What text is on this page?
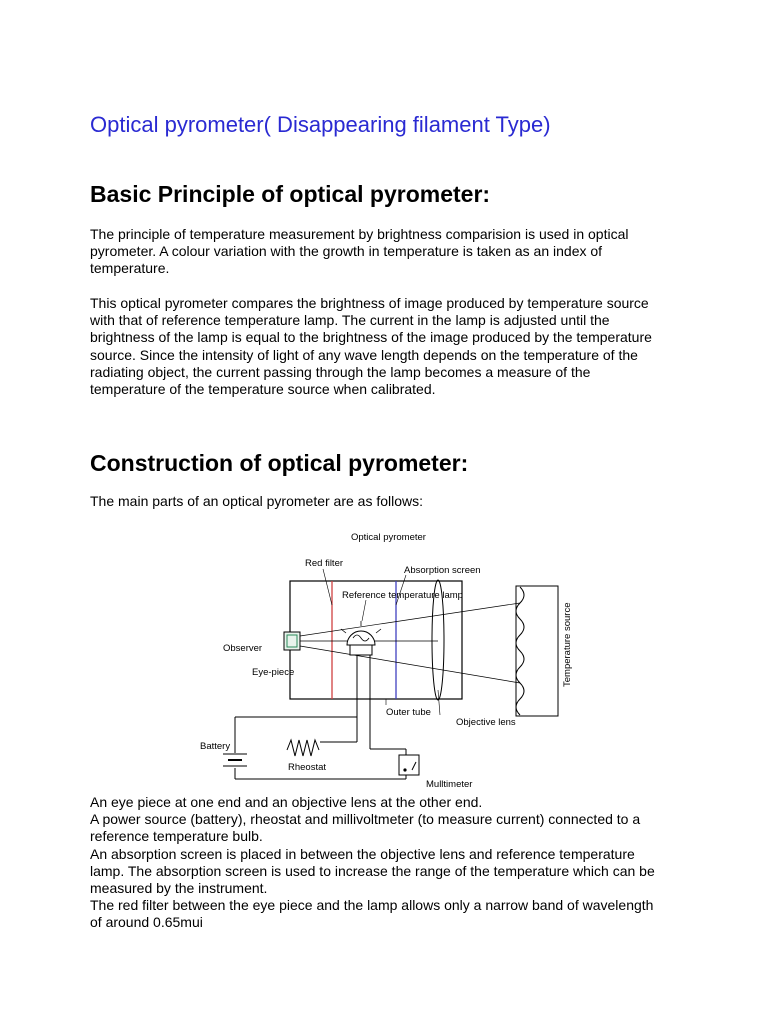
Optical pyrometer( Disappearing filament Type)
Basic Principle of optical pyrometer:

The principle of temperature measurement by brightness comparision is used in optical
pyrometer. A colour variation with the growth in temperature is taken as an index of
temperature.

This optical pyrometer compares the brightness of image produced by temperature source
with that of reference temperature lamp. The current in the lamp is adjusted until the
brightness of the lamp is equal to the brightness of the image produced by the temperature
source. Since the intensity of light of any wave length depends on the temperature of the
radiating object, the current passing through the lamp becomes a measure of the
temperature of the temperature source when calibrated.

Construction of optical pyrometer:

The main parts of an optical pyrometer are as follows:

Optical pyrometer
Red filter
Absorption screen
Reference temperature lamp
Observer
Eye-piece
Outer tube
Objective lens
Battery
Rheostat
Mulltimeter
Temperature source

An eye piece at one end and an objective lens at the other end.
A power source (battery), rheostat and millivoltmeter (to measure current) connected to a
reference temperature bulb.
An absorption screen is placed in between the objective lens and reference temperature
lamp. The absorption screen is used to increase the range of the temperature which can be
measured by the instrument.
The red filter between the eye piece and the lamp allows only a narrow band of wavelength
of around 0.65mui
